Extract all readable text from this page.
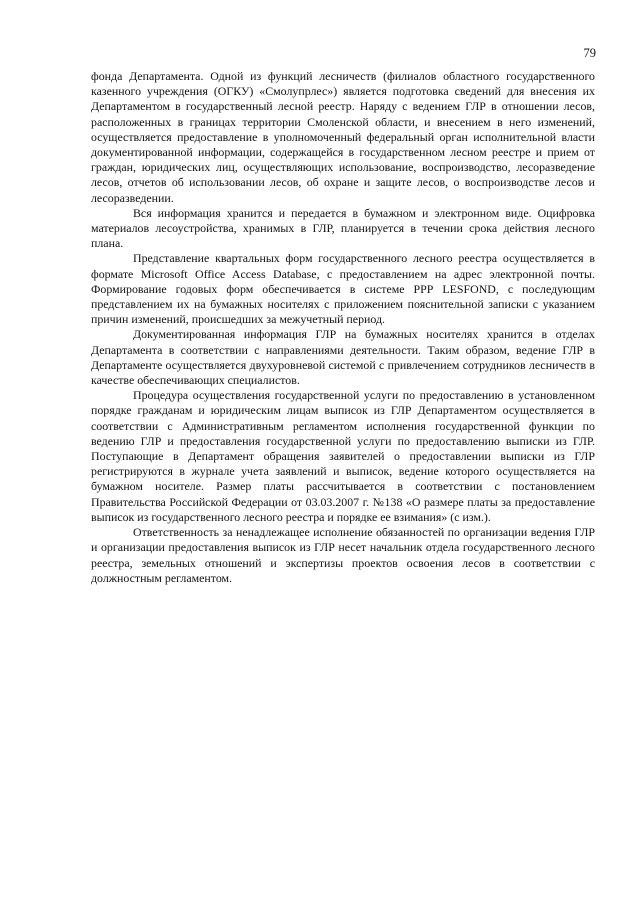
79

фонда Департамента. Одной из функций лесничеств (филиалов областного государственного казенного учреждения (ОГКУ) «Смолупрлес») является подготовка сведений для внесения их Департаментом в государственный лесной реестр. Наряду с ведением ГЛР в отношении лесов, расположенных в границах территории Смоленской области, и внесением в него изменений, осуществляется предоставление в уполномоченный федеральный орган исполнительной власти документированной информации, содержащейся в государственном лесном реестре и прием от граждан, юридических лиц, осуществляющих использование, воспроизводство, лесоразведение лесов, отчетов об использовании лесов, об охране и защите лесов, о воспроизводстве лесов и лесоразведении.

Вся информация хранится и передается в бумажном и электронном виде. Оцифровка материалов лесоустройства, хранимых в ГЛР, планируется в течении срока действия лесного плана.

Представление квартальных форм государственного лесного реестра осуществляется в формате Microsoft Office Access Database, с предоставлением на адрес электронной почты. Формирование годовых форм обеспечивается в системе РРР LESFOND, с последующим представлением их на бумажных носителях с приложением пояснительной записки с указанием причин изменений, происшедших за межучетный период.

Документированная информация ГЛР на бумажных носителях хранится в отделах Департамента в соответствии с направлениями деятельности. Таким образом, ведение ГЛР в Департаменте осуществляется двухуровневой системой с привлечением сотрудников лесничеств в качестве обеспечивающих специалистов.

Процедура осуществления государственной услуги по предоставлению в установленном порядке гражданам и юридическим лицам выписок из ГЛР Департаментом осуществляется в соответствии с Административным регламентом исполнения государственной функции по ведению ГЛР и предоставления государственной услуги по предоставлению выписки из ГЛР. Поступающие в Департамент обращения заявителей о предоставлении выписки из ГЛР регистрируются в журнале учета заявлений и выписок, ведение которого осуществляется на бумажном носителе. Размер платы рассчитывается в соответствии с постановлением Правительства Российской Федерации от 03.03.2007 г. №138 «О размере платы за предоставление выписок из государственного лесного реестра и порядке ее взимания» (с изм.).

Ответственность за ненадлежащее исполнение обязанностей по организации ведения ГЛР и организации предоставления выписок из ГЛР несет начальник отдела государственного лесного реестра, земельных отношений и экспертизы проектов освоения лесов в соответствии с должностным регламентом.
